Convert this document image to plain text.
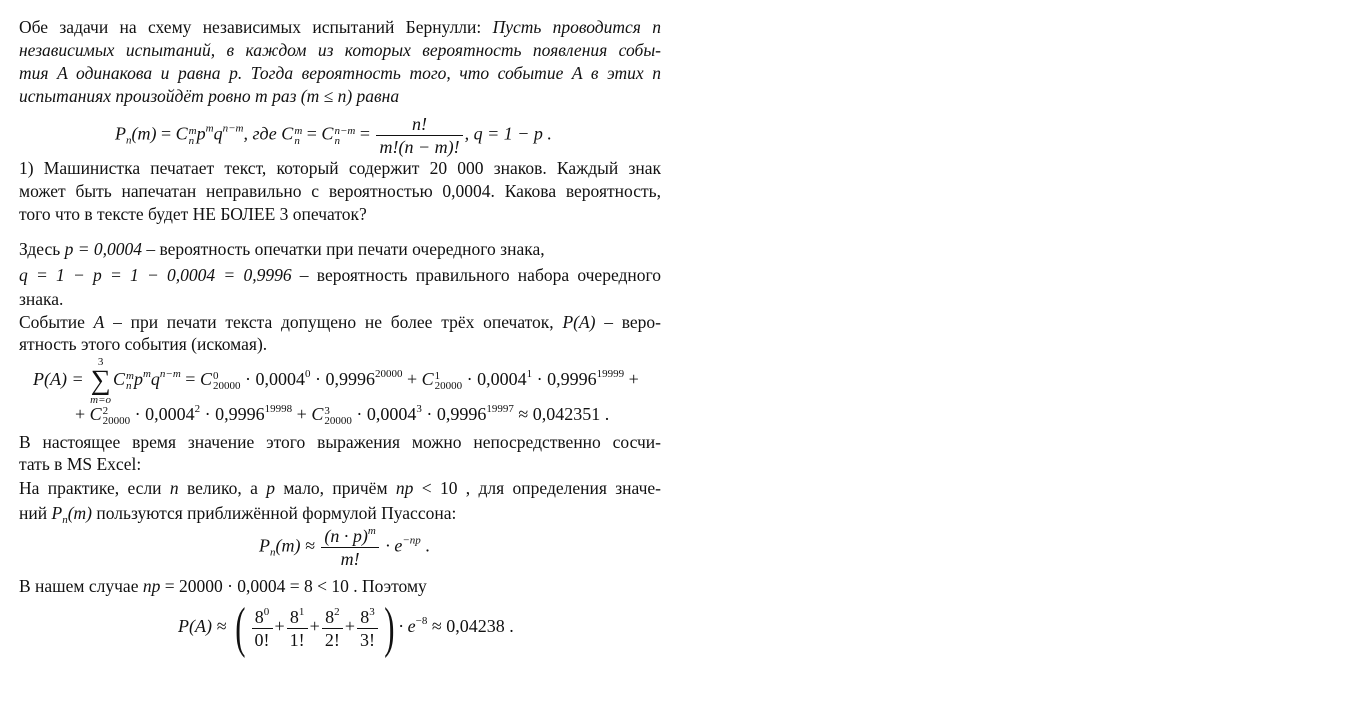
Обе задачи на схему независимых испытаний Бернулли: Пусть проводится n
независимых испытаний, в каждом из которых вероятность появления собы-
тия A одинакова и равна p. Тогда вероятность того, что событие A в этих n
испытаниях произойдёт ровно m раз (m ≤ n) равна
$P_n(m) = C$ m
n $p^mq^{n-m}$, где C m
n = C n−m
$n = \frac{n!}{m!(n - m)!}$ , q = 1 − p .
1) Машинистка печатает текст, который содержит 20 000 знаков. Каждый знак
может быть напечатан неправильно с вероятностью 0,0004. Какова вероятность,
того что в тексте будет НЕ БОЛЕЕ 3 опечаток?
Здесь p = 0,0004 – вероятность опечатки при печати очередного знака,
q = 1 − p = 1 − 0,0004 = 0,9996 – вероятность правильного набора очередного
знака.
Событие A – при печати текста допущено не более трёх опечаток, P(A) – веро-
ятность этого события (искомая).
P(A) =
3
∑
m=o
C m
n $p^mq^{n-m} = C$ 0
$20000 \cdot 0,0004^0 \cdot 0,9996^{20000} + C$ 1
$20000 \cdot 0,0004^1 \cdot 0,9996^{19999}$ +
+ C 2
$20000 \cdot 0,0004^2 \cdot 0,9996^{19998} + C$ 3
$20000 \cdot 0,0004^3 \cdot 0,9996^{19997} \approx 0,042351$ .
В настоящее время значение этого выражения можно непосредственно сосчи-
тать в MS Excel:
На практике, если n велико, а p мало, причём np < 10 , для определения значе-
ний $P_n(m)$ пользуются приближённой формулой Пуассона:
$P_n(m) \approx \frac{(n \cdot p)^m}{m!} \cdot e^{-np}$ .
В нашем случае np = 20000 · 0,0004 = 8 < 10 . Поэтому
P(A) ≈ ( $\frac{8^0}{0!} + \frac{8^1}{1!} + \frac{8^2}{2!} + \frac{8^3}{3!}$ ) · $e^{-8} \approx 0,04238$ .
